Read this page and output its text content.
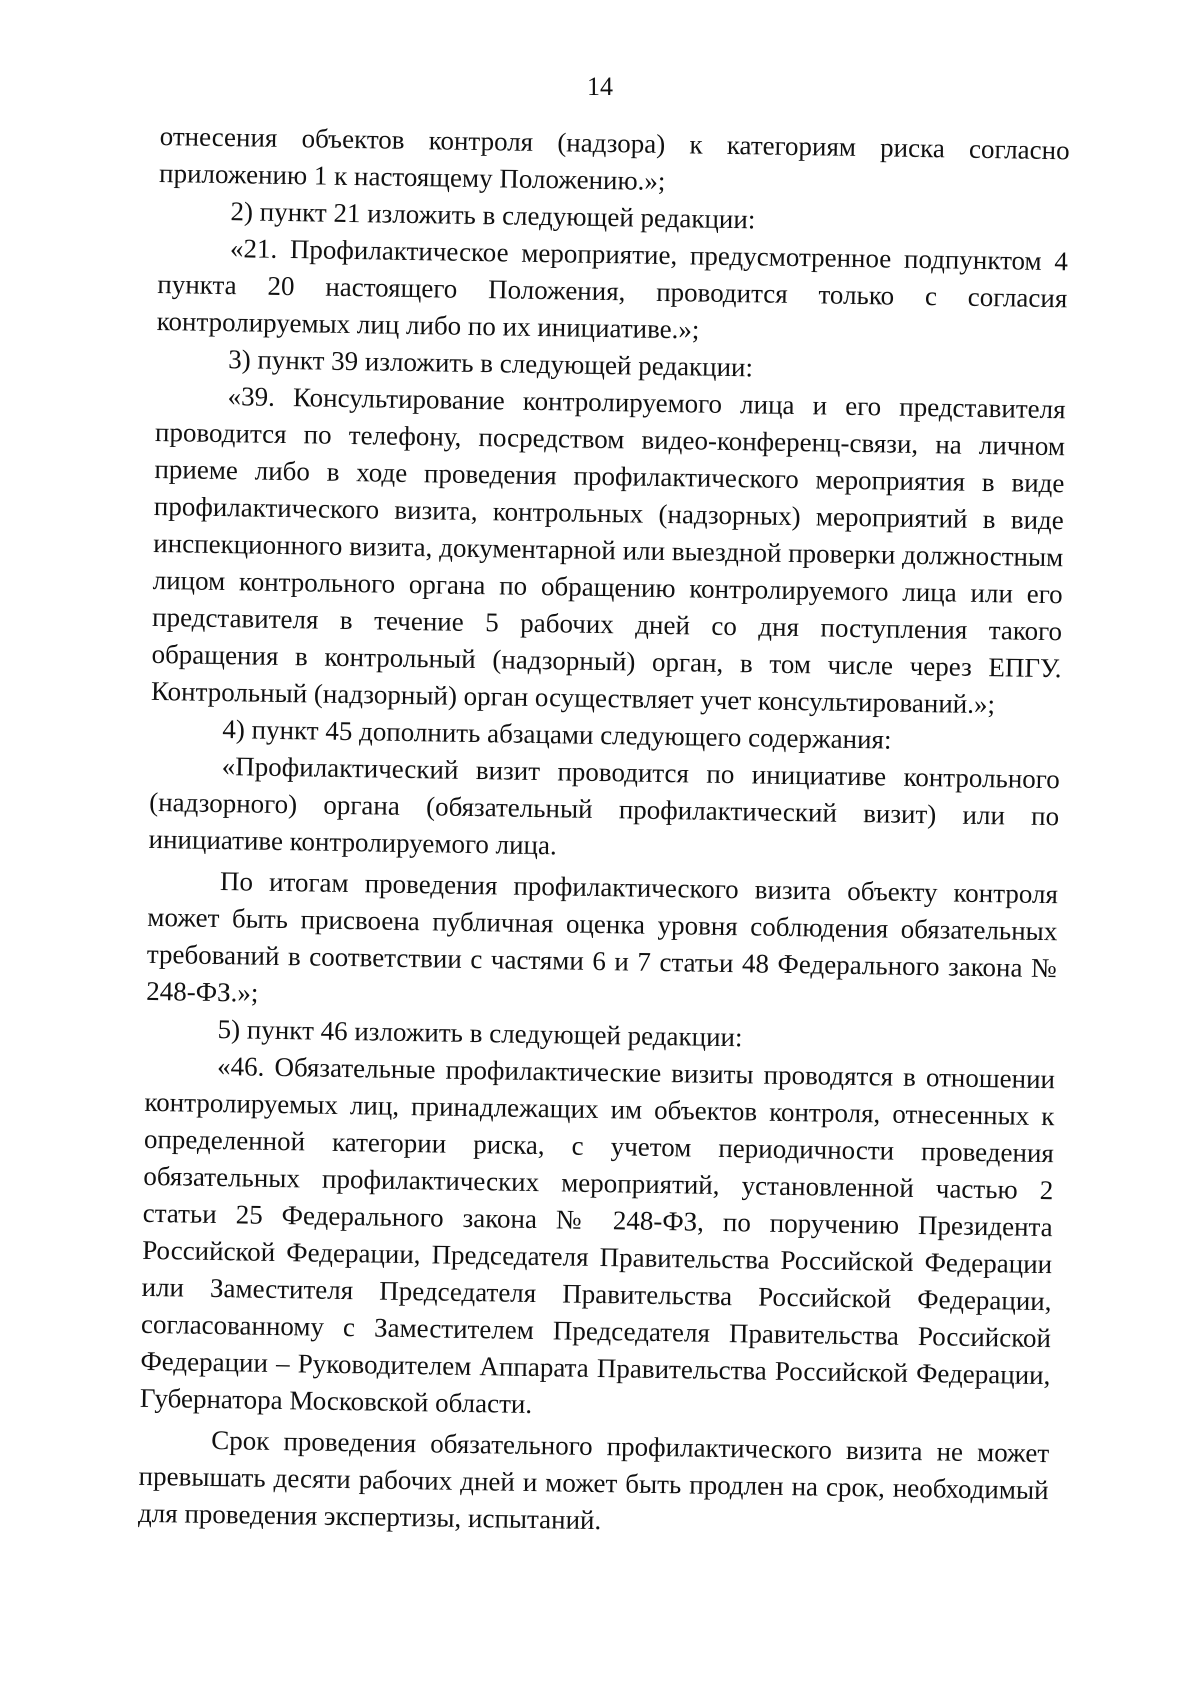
14

отнесения объектов контроля (надзора) к категориям риска согласно приложению 1 к настоящему Положению.»;

2) пункт 21 изложить в следующей редакции:

«21. Профилактическое мероприятие, предусмотренное подпунктом 4 пункта 20 настоящего Положения, проводится только с согласия контролируемых лиц либо по их инициативе.»;

3) пункт 39 изложить в следующей редакции:

«39. Консультирование контролируемого лица и его представителя проводится по телефону, посредством видео-конференц-связи, на личном приеме либо в ходе проведения профилактического мероприятия в виде профилактического визита, контрольных (надзорных) мероприятий в виде инспекционного визита, документарной или выездной проверки должностным лицом контрольного органа по обращению контролируемого лица или его представителя в течение 5 рабочих дней со дня поступления такого обращения в контрольный (надзорный) орган, в том числе через ЕПГУ. Контрольный (надзорный) орган осуществляет учет консультирований.»;

4) пункт 45 дополнить абзацами следующего содержания:

«Профилактический визит проводится по инициативе контрольного (надзорного) органа (обязательный профилактический визит) или по инициативе контролируемого лица.

По итогам проведения профилактического визита объекту контроля может быть присвоена публичная оценка уровня соблюдения обязательных требований в соответствии с частями 6 и 7 статьи 48 Федерального закона № 248-ФЗ.»;

5) пункт 46 изложить в следующей редакции:

«46. Обязательные профилактические визиты проводятся в отношении контролируемых лиц, принадлежащих им объектов контроля, отнесенных к определенной категории риска, с учетом периодичности проведения обязательных профилактических мероприятий, установленной частью 2 статьи 25 Федерального закона № 248-ФЗ, по поручению Президента Российской Федерации, Председателя Правительства Российской Федерации или Заместителя Председателя Правительства Российской Федерации, согласованному с Заместителем Председателя Правительства Российской Федерации – Руководителем Аппарата Правительства Российской Федерации, Губернатора Московской области.

Срок проведения обязательного профилактического визита не может превышать десяти рабочих дней и может быть продлен на срок, необходимый для проведения экспертизы, испытаний.
